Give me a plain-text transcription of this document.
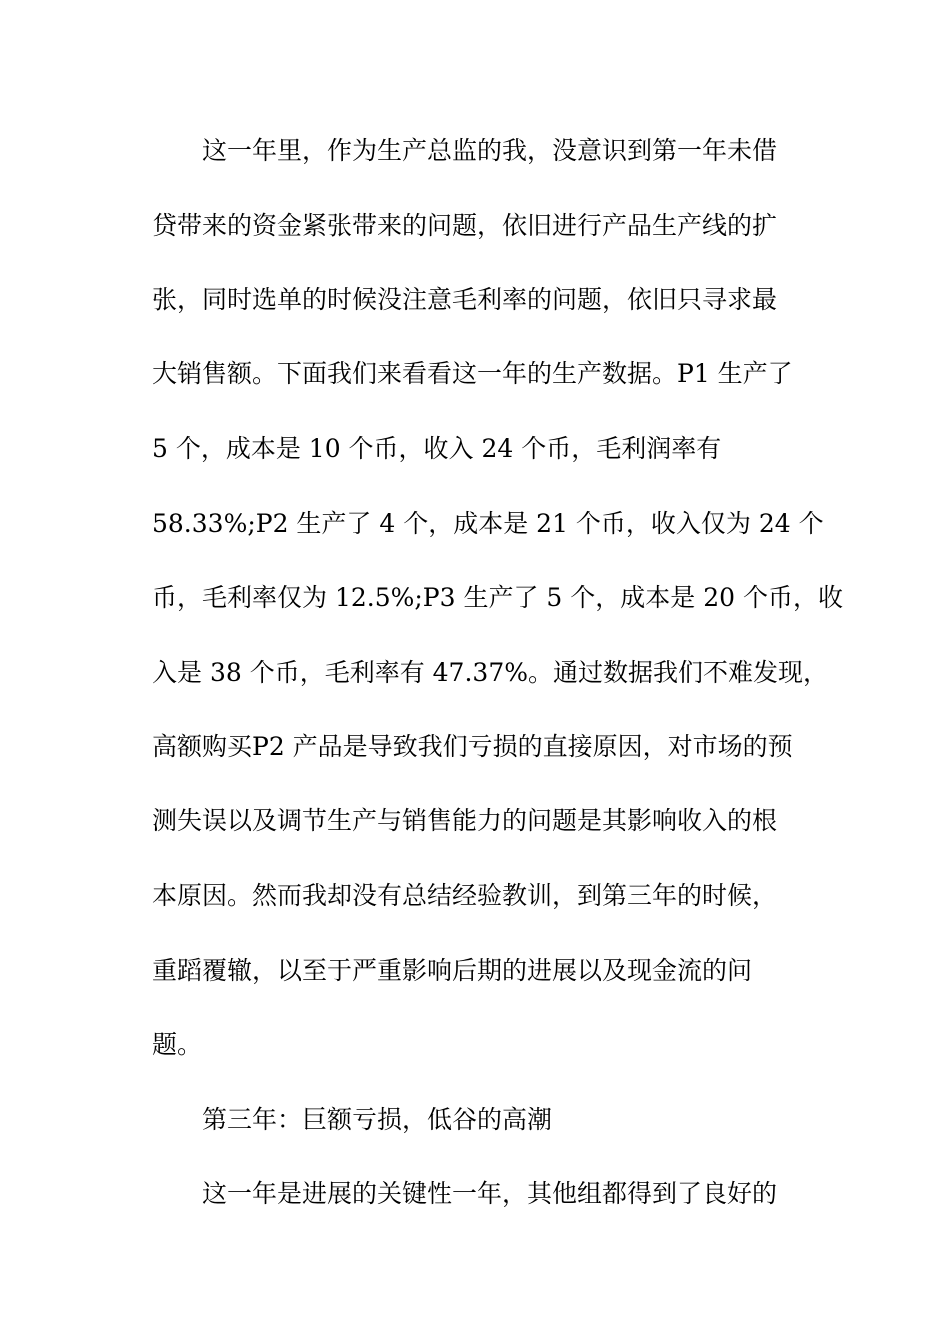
这一年里，作为生产总监的我，没意识到第一年未借
贷带来的资金紧张带来的问题，依旧进行产品生产线的扩
张，同时选单的时候没注意毛利率的问题，依旧只寻求最
大销售额。下面我们来看看这一年的生产数据。P1 生产了
5 个，成本是 10 个币，收入 24 个币，毛利润率有
58.33%;P2 生产了 4 个，成本是 21 个币，收入仅为 24 个
币，毛利率仅为 12.5%;P3 生产了 5 个，成本是 20 个币，收
入是 38 个币，毛利率有 47.37%。通过数据我们不难发现，
高额购买P2 产品是导致我们亏损的直接原因，对市场的预
测失误以及调节生产与销售能力的问题是其影响收入的根
本原因。然而我却没有总结经验教训，到第三年的时候，
重蹈覆辙，以至于严重影响后期的进展以及现金流的问
题。
第三年：巨额亏损，低谷的高潮
这一年是进展的关键性一年，其他组都得到了良好的
